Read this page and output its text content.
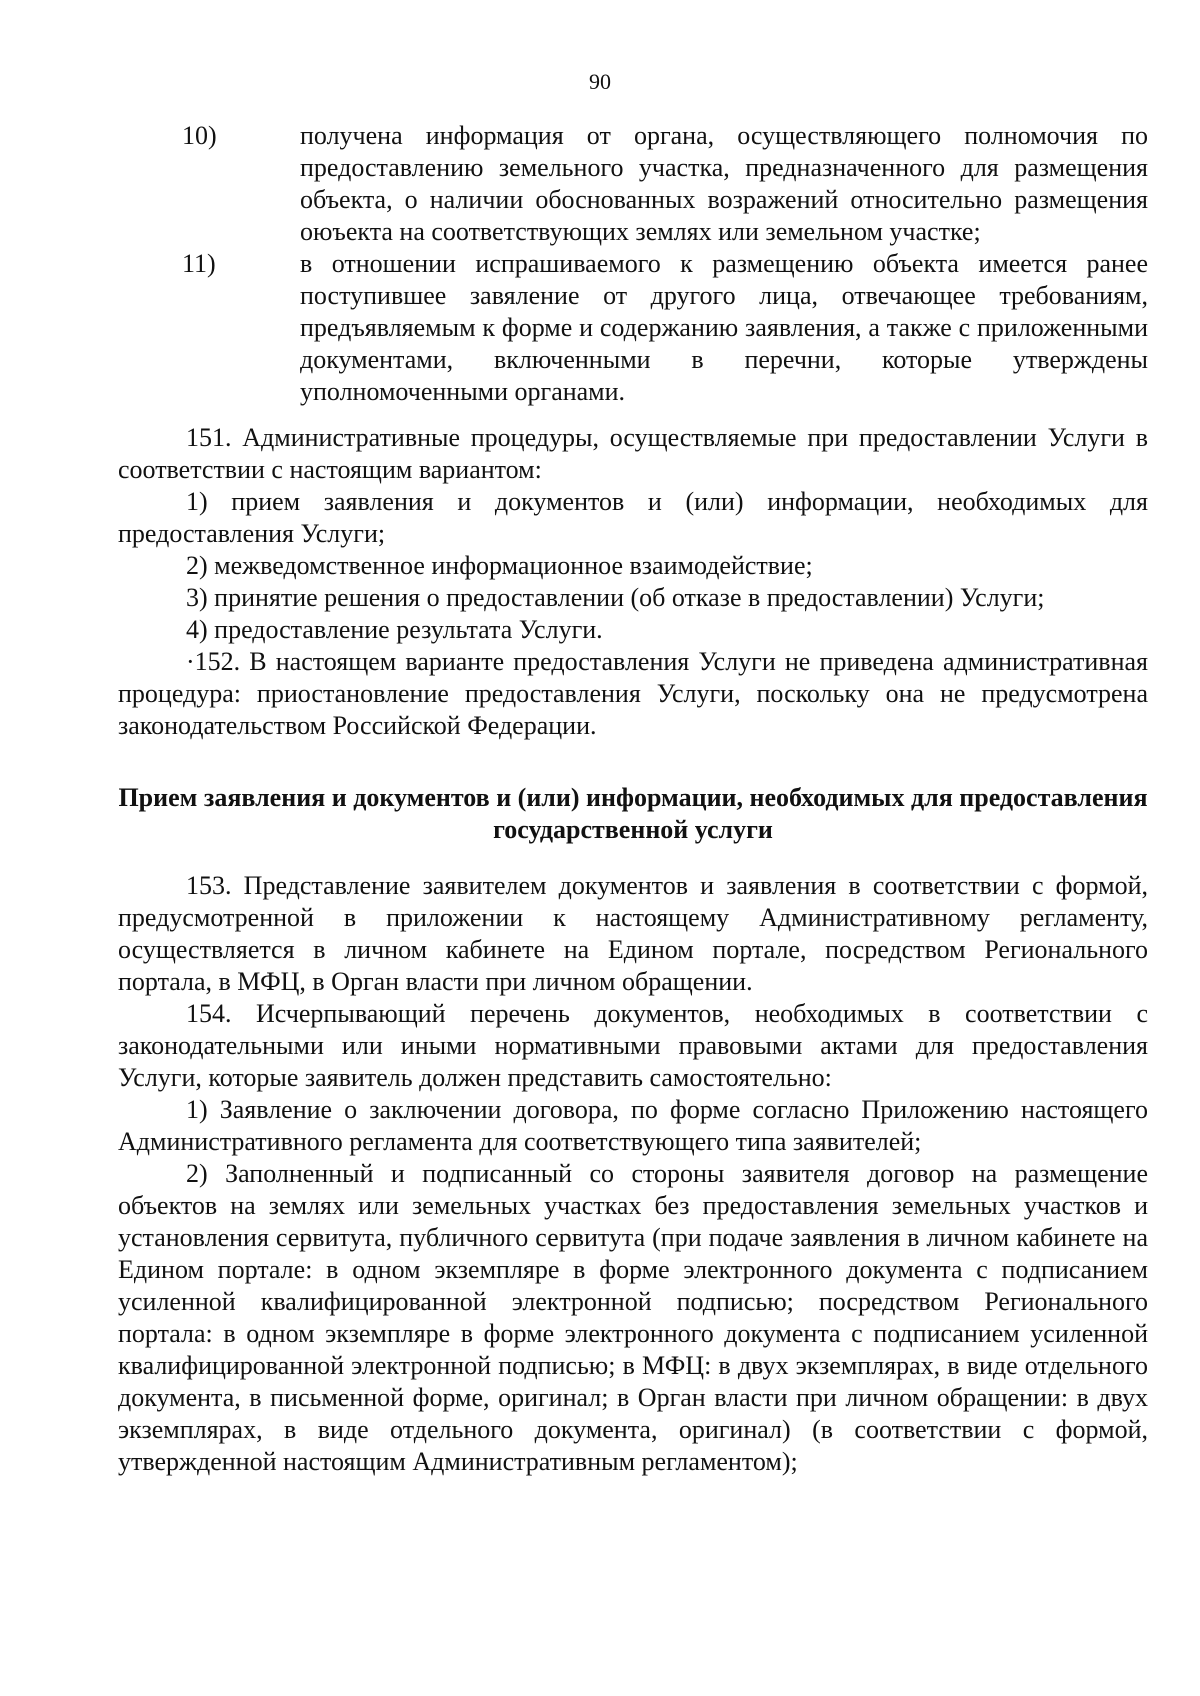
90
10)	получена информация от органа, осуществляющего полномочия по предоставлению земельного участка, предназначенного для размещения объекта, о наличии обоснованных возражений относительно размещения оюъекта на соответствующих землях или земельном участке;
11)	в отношении испрашиваемого к размещению объекта имеется ранее поступившее завяление от другого лица, отвечающее требованиям, предъявляемым к форме и содержанию заявления, а также с приложенными документами, включенными в перечни, которые утверждены уполномоченными органами.

151. Административные процедуры, осуществляемые при предоставлении Услуги в соответствии с настоящим вариантом:

1) прием заявления и документов и (или) информации, необходимых для предоставления Услуги;

2) межведомственное информационное взаимодействие;

3) принятие решения о предоставлении (об отказе в предоставлении) Услуги;

4) предоставление результата Услуги.

·152. В настоящем варианте предоставления Услуги не приведена административная процедура: приостановление предоставления Услуги, поскольку она не предусмотрена законодательством Российской Федерации.

Прием заявления и документов и (или) информации, необходимых для предоставления государственной услуги

153. Представление заявителем документов и заявления в соответствии с формой, предусмотренной в приложении к настоящему Административному регламенту, осуществляется в личном кабинете на Едином портале, посредством Регионального портала, в МФЦ, в Орган власти при личном обращении.

154. Исчерпывающий перечень документов, необходимых в соответствии с законодательными или иными нормативными правовыми актами для предоставления Услуги, которые заявитель должен представить самостоятельно:

1) Заявление о заключении договора, по форме согласно Приложению настоящего Административного регламента для соответствующего типа заявителей;

2) Заполненный и подписанный со стороны заявителя договор на размещение объектов на землях или земельных участках без предоставления земельных участков и установления сервитута, публичного сервитута (при подаче заявления в личном кабинете на Едином портале: в одном экземпляре в форме электронного документа с подписанием усиленной квалифицированной электронной подписью; посредством Регионального портала: в одном экземпляре в форме электронного документа с подписанием усиленной квалифицированной электронной подписью; в МФЦ: в двух экземплярах, в виде отдельного документа, в письменной форме, оригинал; в Орган власти при личном обращении: в двух экземплярах, в виде отдельного документа, оригинал) (в соответствии с формой, утвержденной настоящим Административным регламентом);
